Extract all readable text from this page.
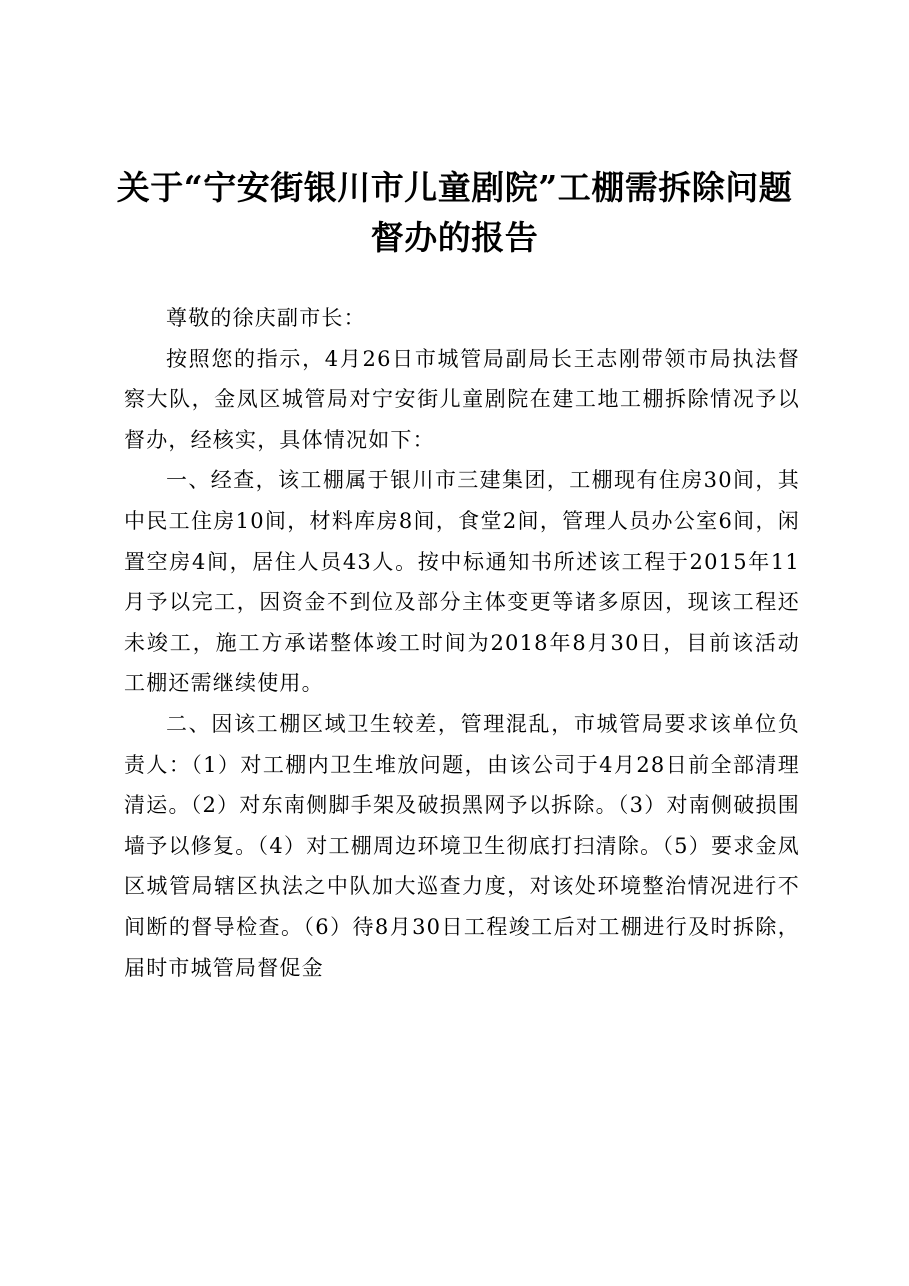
关于“宁安街银川市儿童剧院”工棚需拆除问题督办的报告

尊敬的徐庆副市长：

按照您的指示，4月26日市城管局副局长王志刚带领市局执法督察大队，金凤区城管局对宁安街儿童剧院在建工地工棚拆除情况予以督办，经核实，具体情况如下：

一、经查，该工棚属于银川市三建集团，工棚现有住房30间，其中民工住房10间，材料库房8间，食堂2间，管理人员办公室6间，闲置空房4间，居住人员43人。按中标通知书所述该工程于2015年11月予以完工，因资金不到位及部分主体变更等诸多原因，现该工程还未竣工，施工方承诺整体竣工时间为2018年8月30日，目前该活动工棚还需继续使用。

二、因该工棚区域卫生较差，管理混乱，市城管局要求该单位负责人：（1）对工棚内卫生堆放问题，由该公司于4月28日前全部清理清运。（2）对东南侧脚手架及破损黑网予以拆除。（3）对南侧破损围墙予以修复。（4）对工棚周边环境卫生彻底打扫清除。（5）要求金凤区城管局辖区执法之中队加大巡查力度，对该处环境整治情况进行不间断的督导检查。（6）待8月30日工程竣工后对工棚进行及时拆除，届时市城管局督促金
